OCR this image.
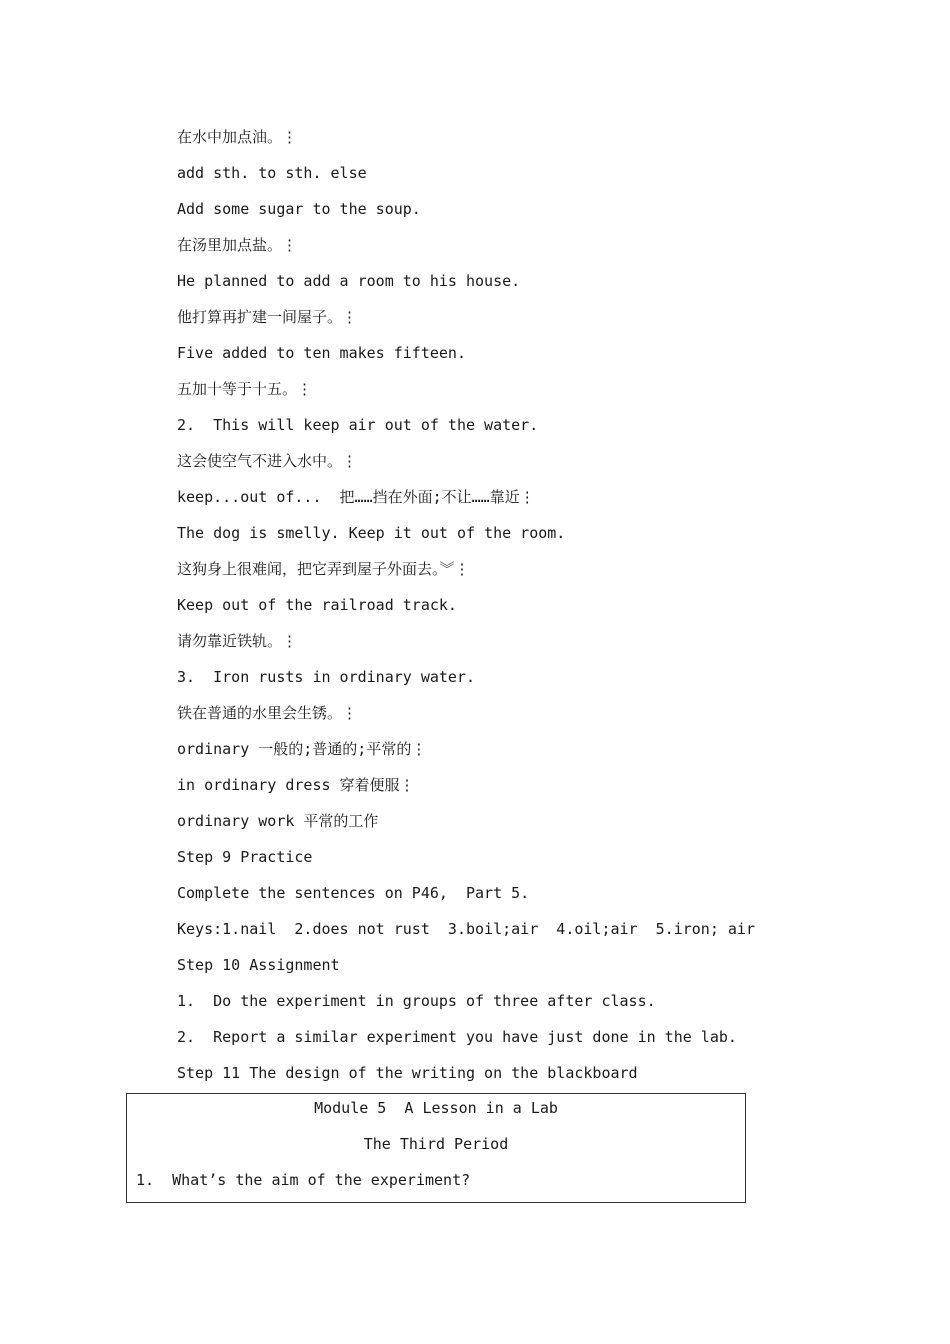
在水中加点油。⋮
add sth. to sth. else
Add some sugar to the soup.
在汤里加点盐。⋮
He planned to add a room to his house.
他打算再扩建一间屋子。⋮
Five added to ten makes fifteen.
五加十等于十五。⋮
2.  This will keep air out of the water.
这会使空气不进入水中。⋮
keep...out of...  把……挡在外面;不让……靠近⋮
The dog is smelly. Keep it out of the room.
这狗身上很难闻，把它弄到屋子外面去。︾⋮
Keep out of the railroad track.
请勿靠近铁轨。⋮
3.  Iron rusts in ordinary water.
铁在普通的水里会生锈。⋮
ordinary 一般的;普通的;平常的⋮
in ordinary dress 穿着便服⋮
ordinary work 平常的工作
Step 9 Practice
Complete the sentences on P46,  Part 5.
Keys:1.nail  2.does not rust  3.boil;air  4.oil;air  5.iron; air
Step 10 Assignment
1.  Do the experiment in groups of three after class.
2.  Report a similar experiment you have just done in the lab.
Step 11 The design of the writing on the blackboard
Module 5  A Lesson in a Lab
The Third Period
1.  What’s the aim of the experiment?
